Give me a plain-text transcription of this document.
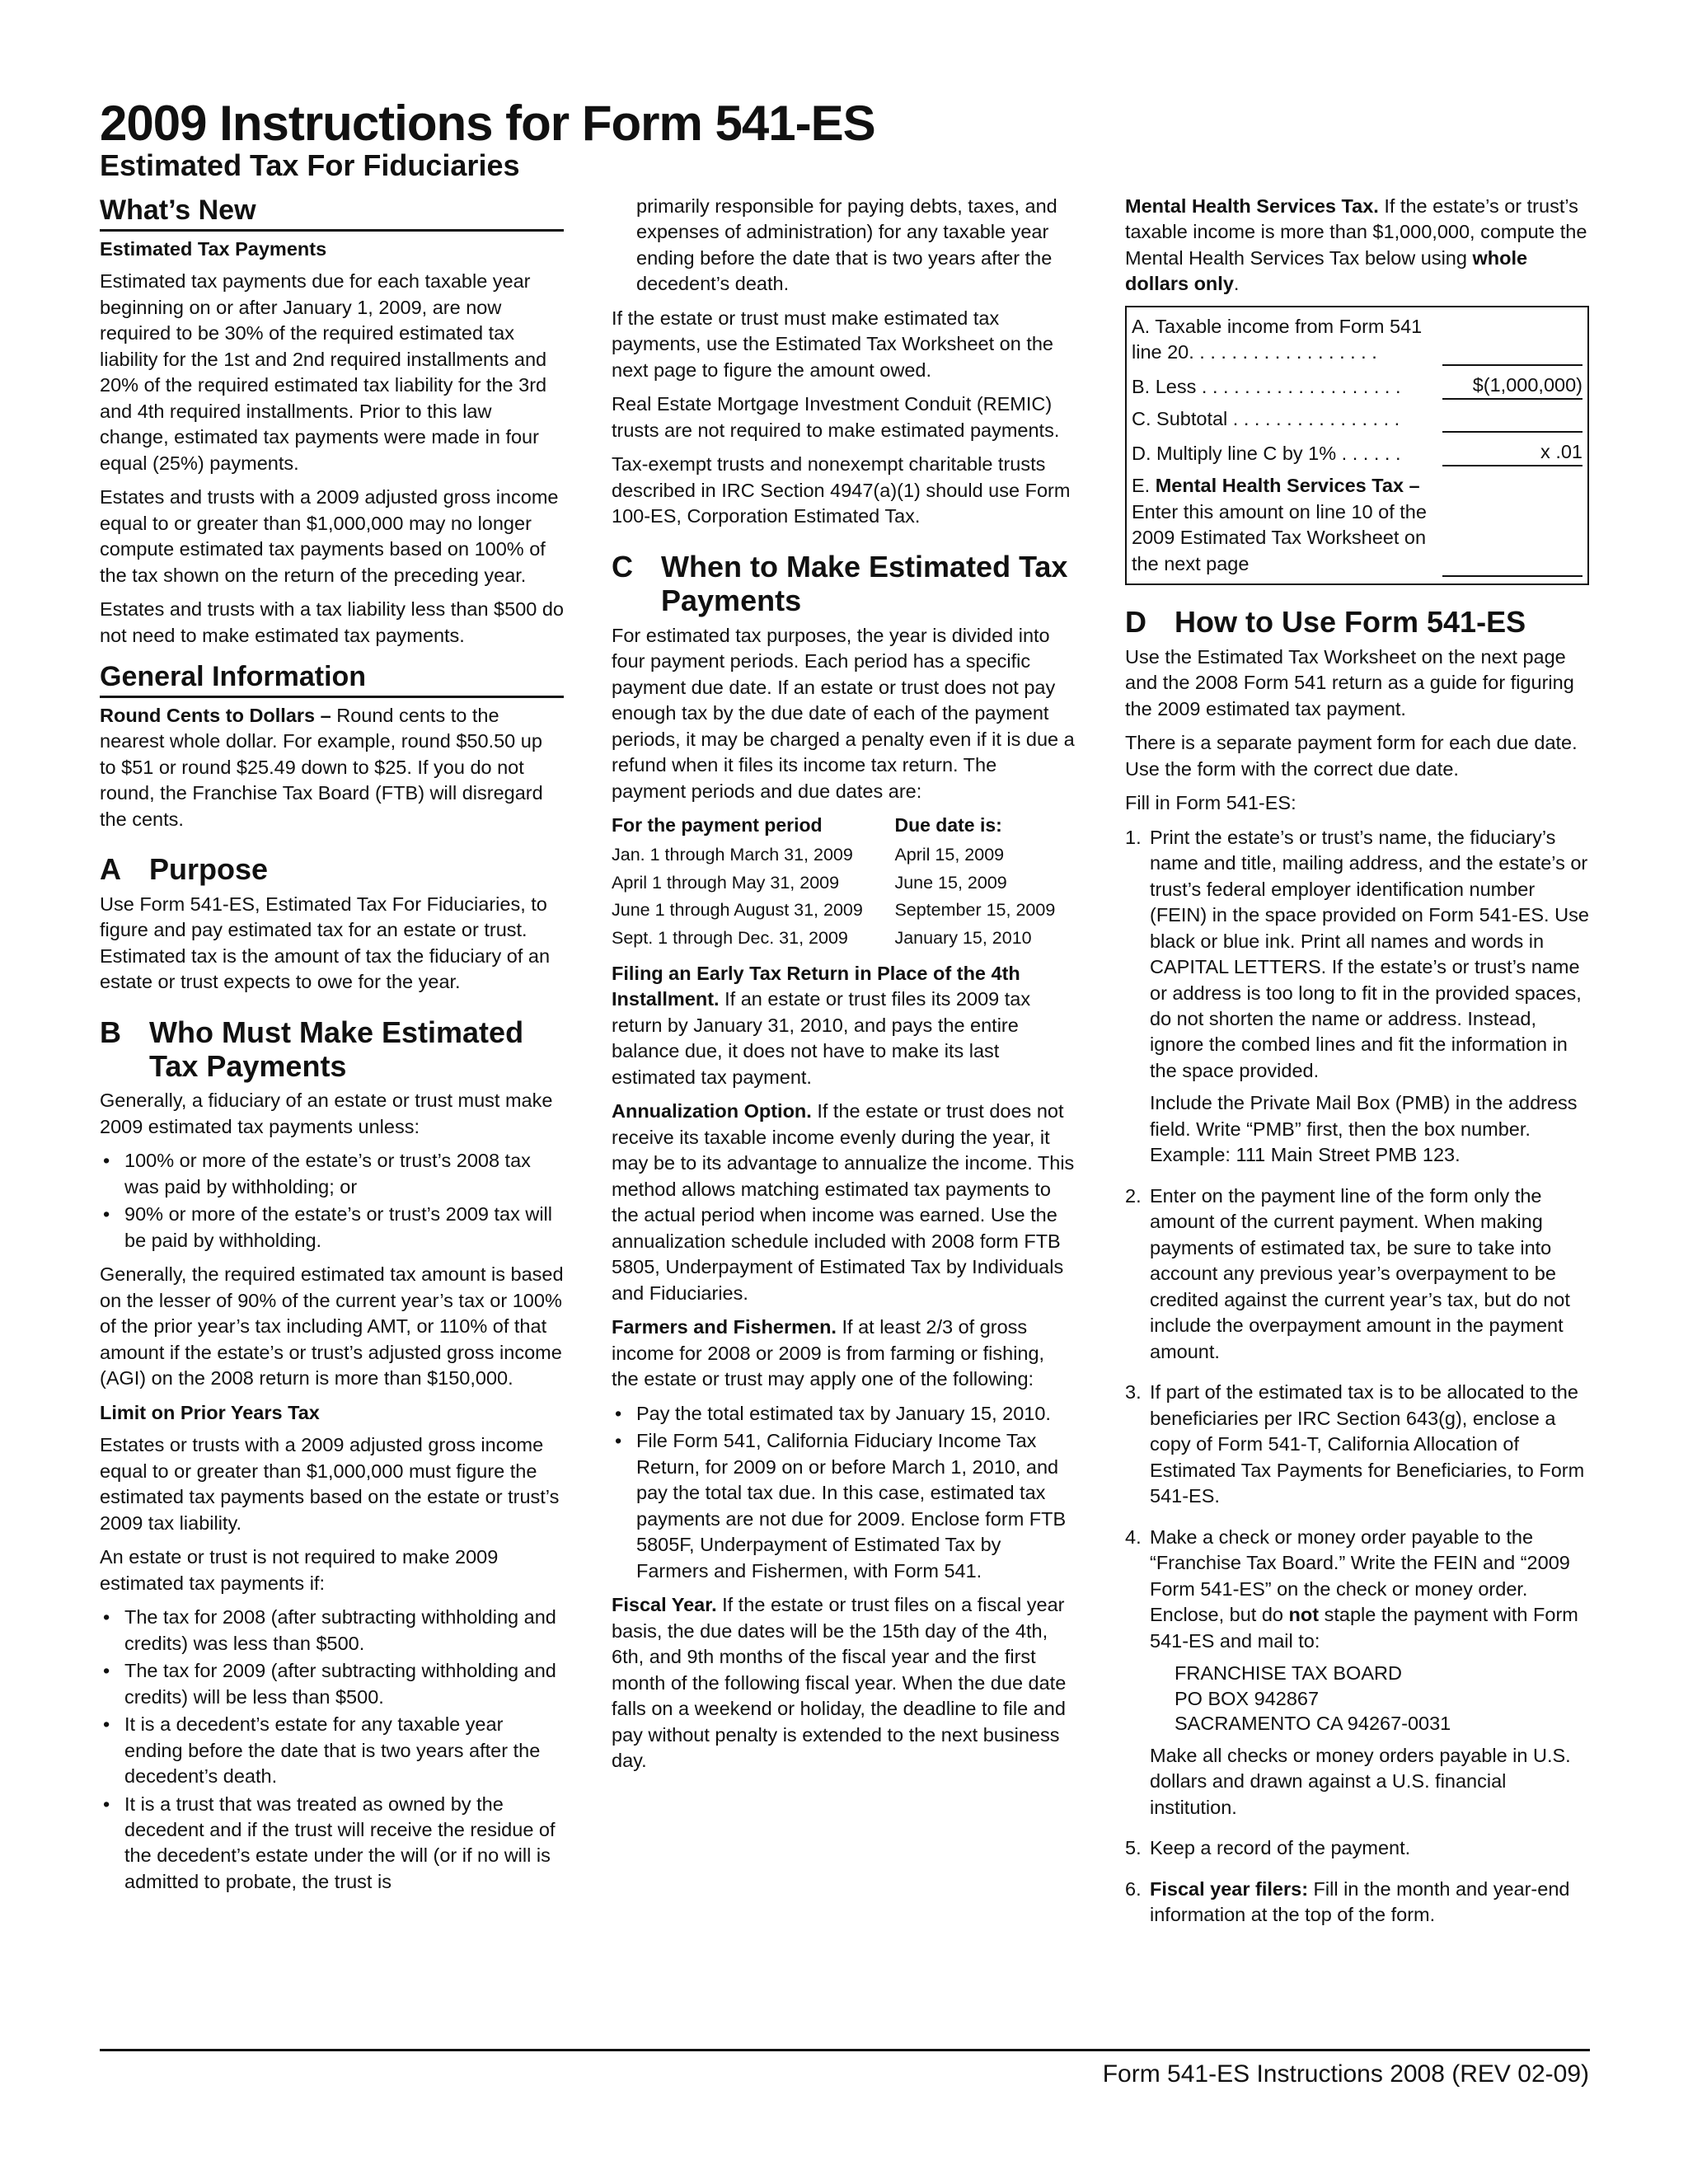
2009 Instructions for Form 541-ES
Estimated Tax For Fiduciaries
What’s New

Estimated Tax Payments

Estimated tax payments due for each taxable year beginning on or after January 1, 2009, are now required to be 30% of the required estimated tax liability for the 1st and 2nd required installments and 20% of the required estimated tax liability for the 3rd and 4th required installments. Prior to this law change, estimated tax payments were made in four equal (25%) payments.

Estates and trusts with a 2009 adjusted gross income equal to or greater than $1,000,000 may no longer compute estimated tax payments based on 100% of the tax shown on the return of the preceding year.

Estates and trusts with a tax liability less than $500 do not need to make estimated tax payments.

General Information

Round Cents to Dollars – Round cents to the nearest whole dollar. For example, round $50.50 up to $51 or round $25.49 down to $25. If you do not round, the Franchise Tax Board (FTB) will disregard the cents.

A Purpose

Use Form 541-ES, Estimated Tax For Fiduciaries, to figure and pay estimated tax for an estate or trust. Estimated tax is the amount of tax the fiduciary of an estate or trust expects to owe for the year.

B Who Must Make Estimated Tax Payments

Generally, a fiduciary of an estate or trust must make 2009 estimated tax payments unless:

• 100% or more of the estate’s or trust’s 2008 tax was paid by withholding; or
• 90% or more of the estate’s or trust’s 2009 tax will be paid by withholding.

Generally, the required estimated tax amount is based on the lesser of 90% of the current year’s tax or 100% of the prior year’s tax including AMT, or 110% of that amount if the estate’s or trust’s adjusted gross income (AGI) on the 2008 return is more than $150,000.

Limit on Prior Years Tax

Estates or trusts with a 2009 adjusted gross income equal to or greater than $1,000,000 must figure the estimated tax payments based on the estate or trust’s 2009 tax liability.

An estate or trust is not required to make 2009 estimated tax payments if:

• The tax for 2008 (after subtracting withholding and credits) was less than $500.
• The tax for 2009 (after subtracting withholding and credits) will be less than $500.
• It is a decedent’s estate for any taxable year ending before the date that is two years after the decedent’s death.
• It is a trust that was treated as owned by the decedent and if the trust will receive the residue of the decedent’s estate under the will (or if no will is admitted to probate, the trust is

primarily responsible for paying debts, taxes, and expenses of administration) for any taxable year ending before the date that is two years after the decedent’s death.

If the estate or trust must make estimated tax payments, use the Estimated Tax Worksheet on the next page to figure the amount owed.

Real Estate Mortgage Investment Conduit (REMIC) trusts are not required to make estimated payments.

Tax-exempt trusts and nonexempt charitable trusts described in IRC Section 4947(a)(1) should use Form 100-ES, Corporation Estimated Tax.

C When to Make Estimated Tax Payments

For estimated tax purposes, the year is divided into four payment periods. Each period has a specific payment due date. If an estate or trust does not pay enough tax by the due date of each of the payment periods, it may be charged a penalty even if it is due a refund when it files its income tax return. The payment periods and due dates are:

For the payment period	Due date is:
Jan. 1 through March 31, 2009	April 15, 2009
April 1 through May 31, 2009	June 15, 2009
June 1 through August 31, 2009	September 15, 2009
Sept. 1 through Dec. 31, 2009	January 15, 2010

Filing an Early Tax Return in Place of the 4th Installment. If an estate or trust files its 2009 tax return by January 31, 2010, and pays the entire balance due, it does not have to make its last estimated tax payment.

Annualization Option. If the estate or trust does not receive its taxable income evenly during the year, it may be to its advantage to annualize the income. This method allows matching estimated tax payments to the actual period when income was earned. Use the annualization schedule included with 2008 form FTB 5805, Underpayment of Estimated Tax by Individuals and Fiduciaries.

Farmers and Fishermen. If at least 2/3 of gross income for 2008 or 2009 is from farming or fishing, the estate or trust may apply one of the following:

• Pay the total estimated tax by January 15, 2010.
• File Form 541, California Fiduciary Income Tax Return, for 2009 on or before March 1, 2010, and pay the total tax due. In this case, estimated tax payments are not due for 2009. Enclose form FTB 5805F, Underpayment of Estimated Tax by Farmers and Fishermen, with Form 541.

Fiscal Year. If the estate or trust files on a fiscal year basis, the due dates will be the 15th day of the 4th, 6th, and 9th months of the fiscal year and the first month of the following fiscal year. When the due date falls on a weekend or holiday, the deadline to file and pay without penalty is extended to the next business day.

Mental Health Services Tax. If the estate’s or trust’s taxable income is more than $1,000,000, compute the Mental Health Services Tax below using whole dollars only.

A. Taxable income from Form 541 line 20. . . . . . . . . . . . . . . . . .
B. Less . . . . . . . . . . . . . . . . . . .	$(1,000,000)
C. Subtotal . . . . . . . . . . . . . . . .
D. Multiply line C by 1% . . . . . .	x .01
E. Mental Health Services Tax – Enter this amount on line 10 of the 2009 Estimated Tax Worksheet on the next page
D How to Use Form 541-ES

Use the Estimated Tax Worksheet on the next page and the 2008 Form 541 return as a guide for figuring the 2009 estimated tax payment.

There is a separate payment form for each due date. Use the form with the correct due date.

Fill in Form 541-ES:

1. Print the estate’s or trust’s name, the fiduciary’s name and title, mailing address, and the estate’s or trust’s federal employer identification number (FEIN) in the space provided on Form 541-ES. Use black or blue ink. Print all names and words in CAPITAL LETTERS. If the estate’s or trust’s name or address is too long to fit in the provided spaces, do not shorten the name or address. Instead, ignore the combed lines and fit the information in the space provided.

Include the Private Mail Box (PMB) in the address field. Write “PMB” first, then the box number. Example: 111 Main Street PMB 123.

2. Enter on the payment line of the form only the amount of the current payment. When making payments of estimated tax, be sure to take into account any previous year’s overpayment to be credited against the current year’s tax, but do not include the overpayment amount in the payment amount.

3. If part of the estimated tax is to be allocated to the beneficiaries per IRC Section 643(g), enclose a copy of Form 541-T, California Allocation of Estimated Tax Payments for Beneficiaries, to Form 541-ES.

4. Make a check or money order payable to the “Franchise Tax Board.” Write the FEIN and “2009 Form 541-ES” on the check or money order. Enclose, but do not staple the payment with Form 541-ES and mail to:

FRANCHISE TAX BOARD
PO BOX 942867
SACRAMENTO CA 94267-0031

Make all checks or money orders payable in U.S. dollars and drawn against a U.S. financial institution.

5. Keep a record of the payment.

6. Fiscal year filers: Fill in the month and year-end information at the top of the form.

Form 541-ES Instructions 2008 (REV 02-09)
